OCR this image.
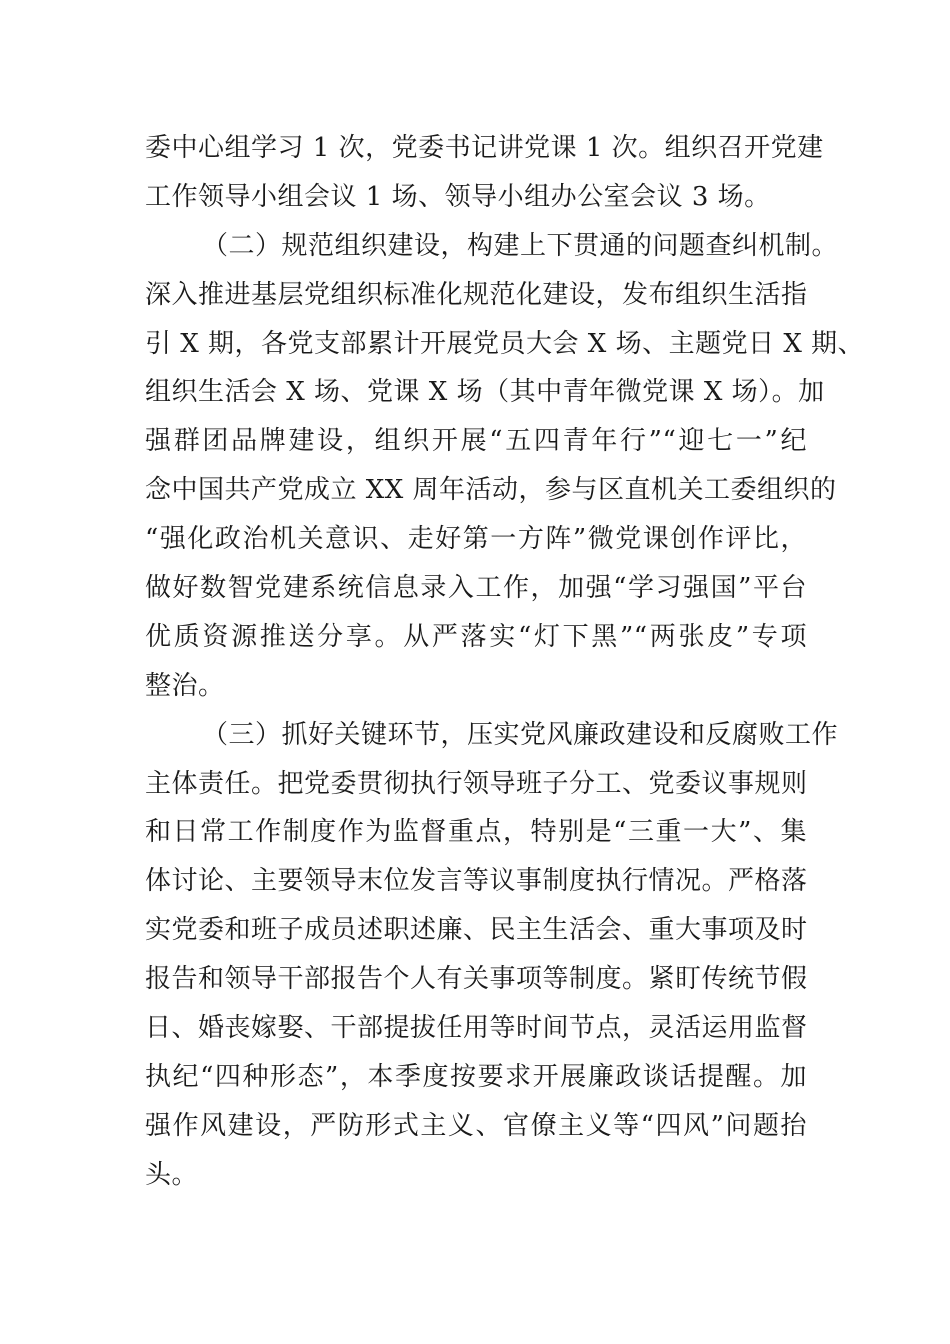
委中心组学习 1 次，党委书记讲党课 1 次。组织召开党建
工作领导小组会议 1 场、领导小组办公室会议 3 场。
（二）规范组织建设，构建上下贯通的问题查纠机制。
深入推进基层党组织标准化规范化建设，发布组织生活指
引 X 期，各党支部累计开展党员大会 X 场、主题党日 X 期、
组织生活会 X 场、党课 X 场（其中青年微党课 X 场）。加
强群团品牌建设，组织开展“五四青年行”“迎七一”纪
念中国共产党成立 XX 周年活动，参与区直机关工委组织的
“强化政治机关意识、走好第一方阵”微党课创作评比，
做好数智党建系统信息录入工作，加强“学习强国”平台
优质资源推送分享。从严落实“灯下黑”“两张皮”专项
整治。
（三）抓好关键环节，压实党风廉政建设和反腐败工作
主体责任。把党委贯彻执行领导班子分工、党委议事规则
和日常工作制度作为监督重点，特别是“三重一大”、集
体讨论、主要领导末位发言等议事制度执行情况。严格落
实党委和班子成员述职述廉、民主生活会、重大事项及时
报告和领导干部报告个人有关事项等制度。紧盯传统节假
日、婚丧嫁娶、干部提拔任用等时间节点，灵活运用监督
执纪“四种形态”，本季度按要求开展廉政谈话提醒。加
强作风建设，严防形式主义、官僚主义等“四风”问题抬
头。
